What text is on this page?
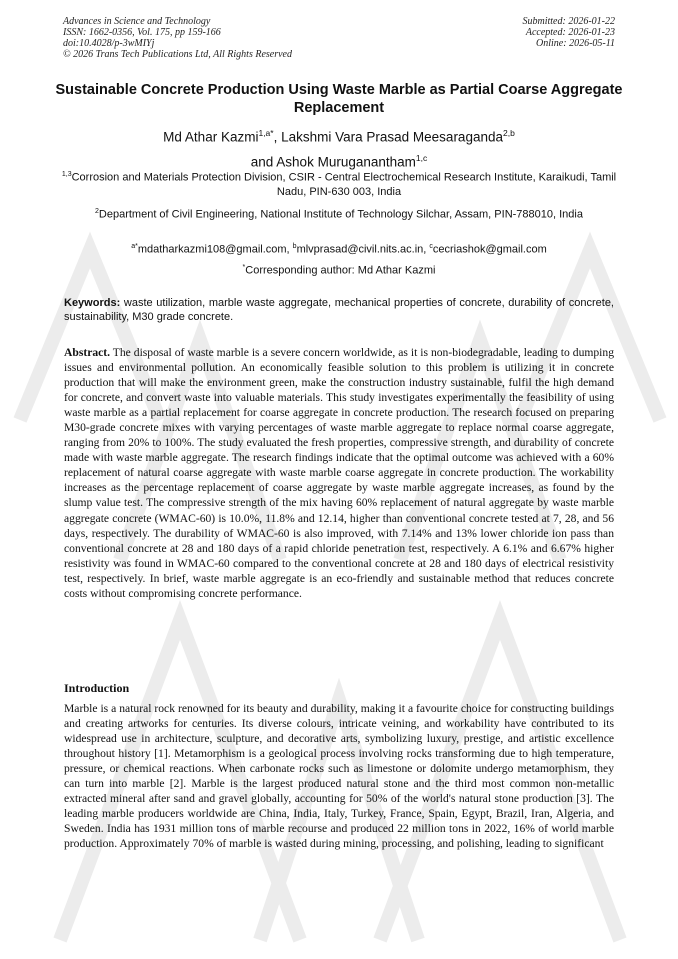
Advances in Science and Technology
ISSN: 1662-0356, Vol. 175, pp 159-166
doi:10.4028/p-3wMIYj
© 2026 Trans Tech Publications Ltd, All Rights Reserved
Submitted: 2026-01-22
Accepted: 2026-01-23
Online: 2026-05-11
Sustainable Concrete Production Using Waste Marble as Partial Coarse Aggregate Replacement
Md Athar Kazmi$^{1,a*}$, Lakshmi Vara Prasad Meesaraganda$^{2,b}$
and Ashok Muruganantham$^{1,c}$
$^{1,3}$Corrosion and Materials Protection Division, CSIR - Central Electrochemical Research Institute, Karaikudi, Tamil Nadu, PIN-630 003, India
$^2$Department of Civil Engineering, National Institute of Technology Silchar, Assam, PIN-788010, India
$^{a*}$mdatharkazmi108@gmail.com, $^b$mlvprasad@civil.nits.ac.in, $^c$cecriashok@gmail.com
*Corresponding author: Md Athar Kazmi
Keywords: waste utilization, marble waste aggregate, mechanical properties of concrete, durability of concrete, sustainability, M30 grade concrete.
Abstract. The disposal of waste marble is a severe concern worldwide, as it is non-biodegradable, leading to dumping issues and environmental pollution. An economically feasible solution to this problem is utilizing it in concrete production that will make the environment green, make the construction industry sustainable, fulfil the high demand for concrete, and convert waste into valuable materials. This study investigates experimentally the feasibility of using waste marble as a partial replacement for coarse aggregate in concrete production. The research focused on preparing M30-grade concrete mixes with varying percentages of waste marble aggregate to replace normal coarse aggregate, ranging from 20% to 100%. The study evaluated the fresh properties, compressive strength, and durability of concrete made with waste marble aggregate. The research findings indicate that the optimal outcome was achieved with a 60% replacement of natural coarse aggregate with waste marble coarse aggregate in concrete production. The workability increases as the percentage replacement of coarse aggregate by waste marble aggregate increases, as found by the slump value test. The compressive strength of the mix having 60% replacement of natural aggregate by waste marble aggregate concrete (WMAC-60) is 10.0%, 11.8% and 12.14, higher than conventional concrete tested at 7, 28, and 56 days, respectively. The durability of WMAC-60 is also improved, with 7.14% and 13% lower chloride ion pass than conventional concrete at 28 and 180 days of a rapid chloride penetration test, respectively. A 6.1% and 6.67% higher resistivity was found in WMAC-60 compared to the conventional concrete at 28 and 180 days of electrical resistivity test, respectively. In brief, waste marble aggregate is an eco-friendly and sustainable method that reduces concrete costs without compromising concrete performance.
Introduction
Marble is a natural rock renowned for its beauty and durability, making it a favourite choice for constructing buildings and creating artworks for centuries. Its diverse colours, intricate veining, and workability have contributed to its widespread use in architecture, sculpture, and decorative arts, symbolizing luxury, prestige, and artistic excellence throughout history [1]. Metamorphism is a geological process involving rocks transforming due to high temperature, pressure, or chemical reactions. When carbonate rocks such as limestone or dolomite undergo metamorphism, they can turn into marble [2]. Marble is the largest produced natural stone and the third most common non-metallic extracted mineral after sand and gravel globally, accounting for 50% of the world's natural stone production [3]. The leading marble producers worldwide are China, India, Italy, Turkey, France, Spain, Egypt, Brazil, Iran, Algeria, and Sweden. India has 1931 million tons of marble recourse and produced 22 million tons in 2022, 16% of world marble production. Approximately 70% of marble is wasted during mining, processing, and polishing, leading to significant
